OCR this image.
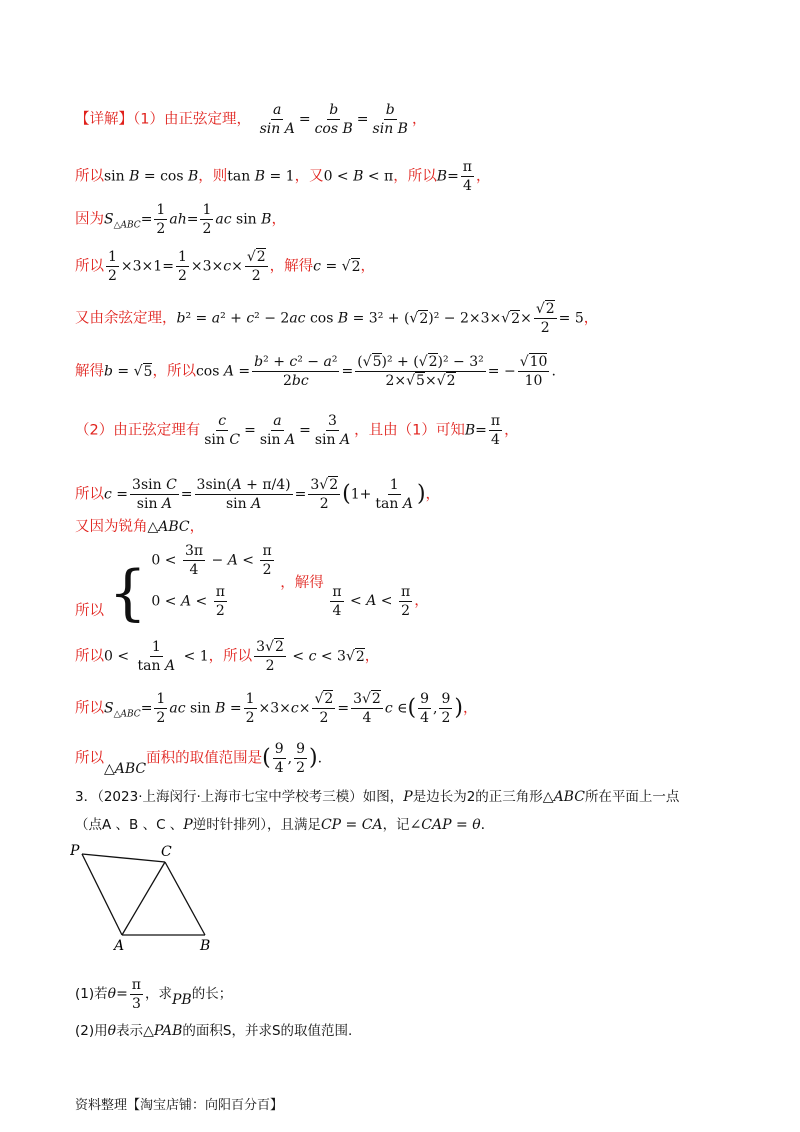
【详解】（1）由正弦定理， $\frac{a}{\text{sin A}} = \frac{b}{\text{cos B}} = \frac{b}{\text{sin B}}$ ，
所以sin B = cos B，则tan B = 1，又0 < B < π，所以$B= \frac{\pi}{4}$ ，
因为$S_{\triangle ABC}= \frac{1}{2} ah= \frac{1}{2}$ ac sin B，
所以 $\frac{1}{2} \times 3\times 1= \frac{1}{2} \times 3\times c\times \frac{√2}{2}$ ，解得c = √2，
又由余弦定理，b² = a² + c² − 2ac $\cos B = 3^2 + (√2)^2 - 2\times 3\times√2\times \frac{√2}{2} = 5$，
解得b = √5，所以$\cos A = \frac{\text{b² + c² − a²}}{2bc} = \frac{\text{(√5)² + (√2)² − 3²}}{2\times√5\times√2}$ = − $\frac{√10}{10}$ .
（2）由正弦定理有 $\frac{c}{\text{sin C}} = \frac{a}{\text{sin A}} = \frac{3}{\text{sin A}}$ ，且由（1）可知$B= \frac{\pi}{4}$ ，
所以$c = \frac{\text{3sin C}}{\text{sin A}} = \frac{3\sin(A + \pi/4)}{\text{sin A}} = \frac{3√2}{2} (1+ \frac{1}{\text{tan A}}$ )，
又因为锐角△ABC，
所以 { $0 < \frac{3\pi}{4} - A < \frac{\pi}{2}$
$0 < A < \frac{\pi}{2}$
，解得
$\frac{\pi}{4} < A < \frac{\pi}{2}$ ，
所以$0 < \frac{1}{\text{tan A}} < 1$，所以 $\frac{3√2}{2} < c < 3√2$，
所以$S_{\triangle ABC}= \frac{1}{2}$ ac $\sin B = \frac{1}{2} \times 3\times c\times \frac{√2}{2} = \frac{3√2}{4}$ c ∈( $\frac{9}{4}$ , $\frac{9}{2}$ )，
所以△ABC面积的取值范围是( $\frac{9}{4}$ , $\frac{9}{2}$ ).
3．（2023·上海闵行·上海市七宝中学校考三模）如图，P是边长为2的正三角形△ABC所在平面上一点
（点A 、B 、C 、P逆时针排列），且满足CP = CA，记∠CAP = θ.
P	C
A	B
(1)若$\theta= \frac{\pi}{3}$ ，求PB的长；
(2)用θ表示△PAB的面积S，并求S的取值范围.
资料整理【淘宝店铺：向阳百分百】
